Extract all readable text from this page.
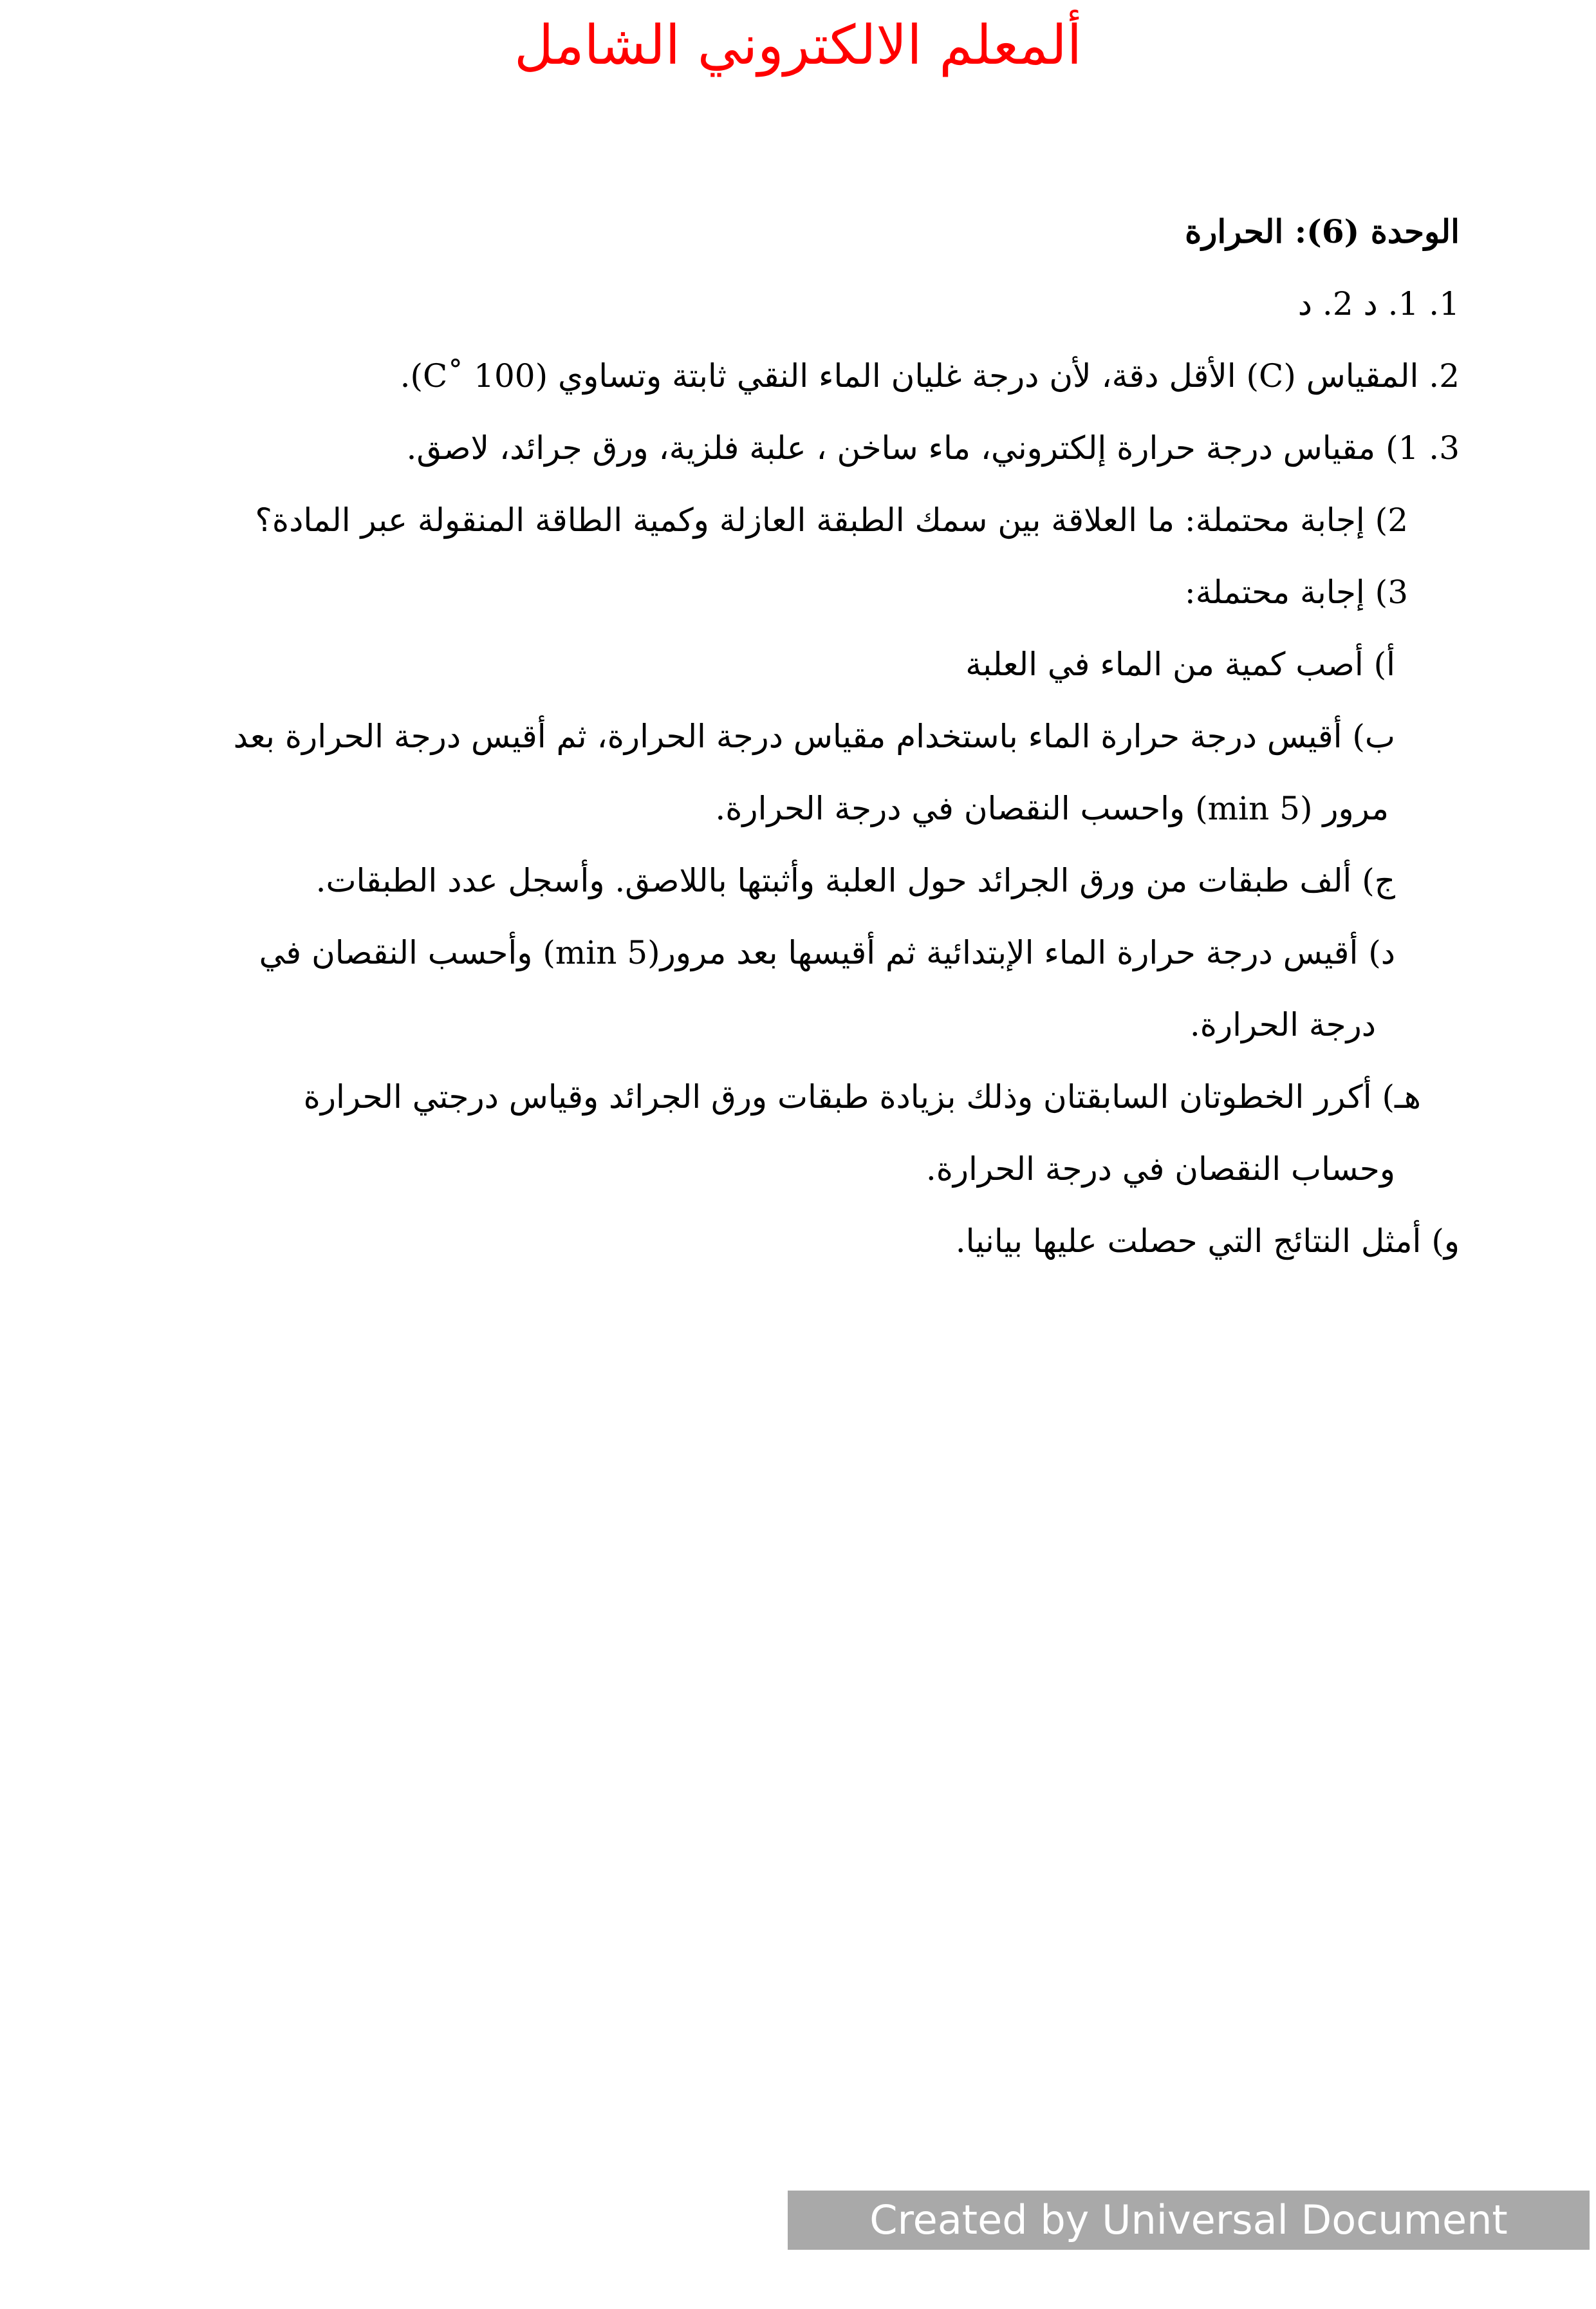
ألمعلم الالكتروني الشامل
الوحدة (6): الحرارة
1. 1. د 2. د
2. المقياس (C) الأقل دقة، لأن درجة غليان الماء النقي ثابتة وتساوي (C˚ 100).
3. 1) مقياس درجة حرارة إلكتروني، ماء ساخن ، علبة فلزية، ورق جرائد، لاصق.
2) إجابة محتملة: ما العلاقة بين سمك الطبقة العازلة وكمية الطاقة المنقولة عبر المادة؟
3) إجابة محتملة:
أ) أصب كمية من الماء في العلبة
ب) أقيس درجة حرارة الماء باستخدام مقياس درجة الحرارة، ثم أقيس درجة الحرارة بعد
مرور (5 min) واحسب النقصان في درجة الحرارة.
ج) ألف طبقات من ورق الجرائد حول العلبة وأثبتها باللاصق. وأسجل عدد الطبقات.
د) أقيس درجة حرارة الماء الإبتدائية ثم أقيسها بعد مرور(5 min) وأحسب النقصان في
درجة الحرارة.
هـ) أكرر الخطوتان السابقتان وذلك بزيادة طبقات ورق الجرائد وقياس درجتي الحرارة
وحساب النقصان في درجة الحرارة.
و) أمثل النتائج التي حصلت عليها بيانيا.
Created by Universal Document Converter
